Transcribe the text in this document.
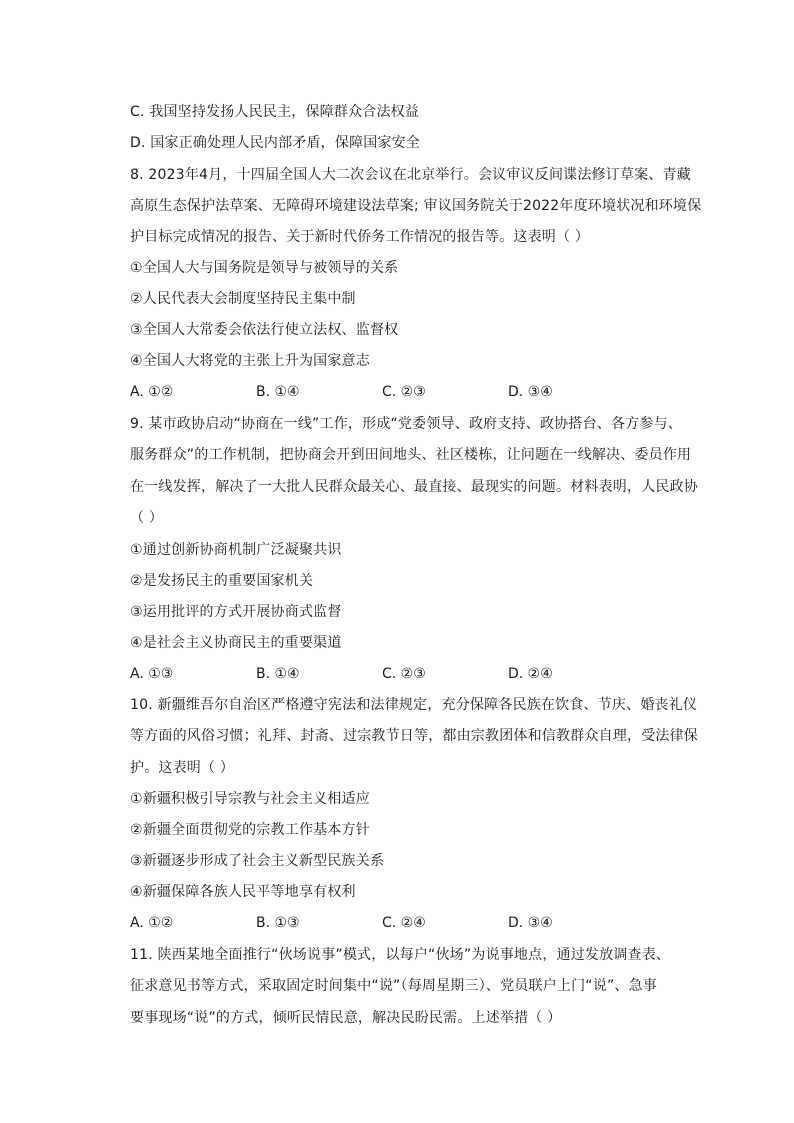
C. 我国坚持发扬人民民主，保障群众合法权益
D. 国家正确处理人民内部矛盾，保障国家安全
8. 2023年4月，十四届全国人大二次会议在北京举行。会议审议反间谍法修订草案、青藏
高原生态保护法草案、无障碍环境建设法草案; 审议国务院关于2022年度环境状况和环境保
护目标完成情况的报告、关于新时代侨务工作情况的报告等。这表明（ ）
①全国人大与国务院是领导与被领导的关系
②人民代表大会制度坚持民主集中制
③全国人大常委会依法行使立法权、监督权
④全国人大将党的主张上升为国家意志
A. ①②	B. ①④	C. ②③	D. ③④
9. 某市政协启动“协商在一线”工作，形成“党委领导、政府支持、政协搭台、各方参与、
服务群众”的工作机制，把协商会开到田间地头、社区楼栋，让问题在一线解决、委员作用
在一线发挥，解决了一大批人民群众最关心、最直接、最现实的问题。材料表明，人民政协
（ ）
①通过创新协商机制广泛凝聚共识
②是发扬民主的重要国家机关
③运用批评的方式开展协商式监督
④是社会主义协商民主的重要渠道
A. ①③	B. ①④	C. ②③	D. ②④
10. 新疆维吾尔自治区严格遵守宪法和法律规定，充分保障各民族在饮食、节庆、婚丧礼仪
等方面的风俗习惯；礼拜、封斋、过宗教节日等，都由宗教团体和信教群众自理，受法律保
护。这表明（ ）
①新疆积极引导宗教与社会主义相适应
②新疆全面贯彻党的宗教工作基本方针
③新疆逐步形成了社会主义新型民族关系
④新疆保障各族人民平等地享有权利
A. ①②	B. ①③	C. ②④	D. ③④
11. 陕西某地全面推行“伙场说事”模式，以每户“伙场”为说事地点，通过发放调查表、
征求意见书等方式，采取固定时间集中“说”（每周星期三）、党员联户上门“说”、急事
要事现场“说”的方式，倾听民情民意，解决民盼民需。上述举措（ ）
